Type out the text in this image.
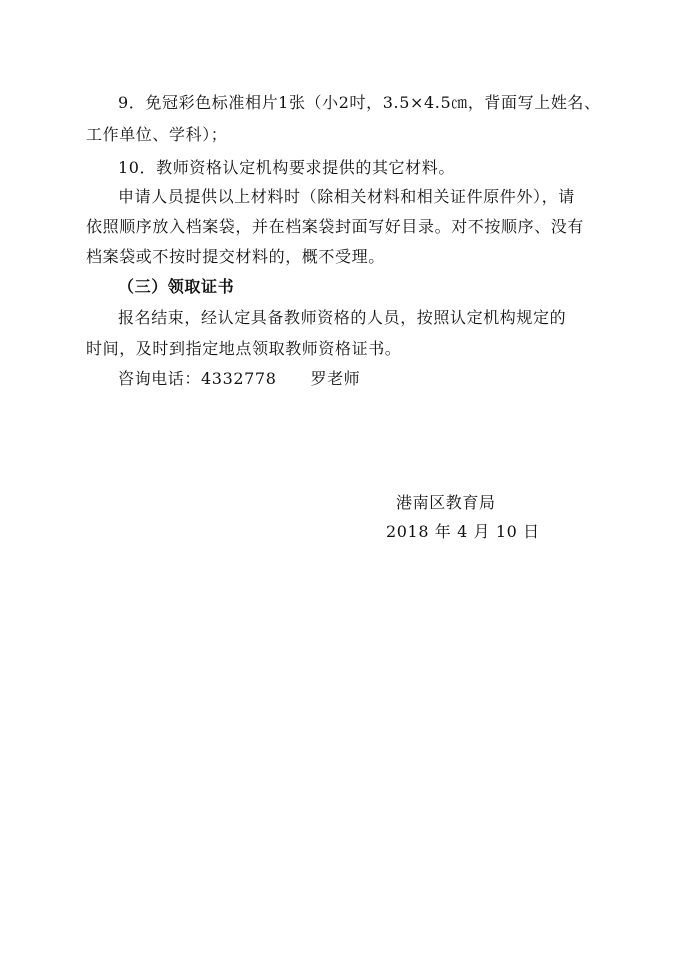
9．免冠彩色标准相片1张（小2吋，3.5×4.5㎝，背面写上姓名、
工作单位、学科）；
10．教师资格认定机构要求提供的其它材料。
申请人员提供以上材料时（除相关材料和相关证件原件外），请
依照顺序放入档案袋，并在档案袋封面写好目录。对不按顺序、没有
档案袋或不按时提交材料的，概不受理。
（三）领取证书
报名结束，经认定具备教师资格的人员，按照认定机构规定的
时间，及时到指定地点领取教师资格证书。
咨询电话：4332778 罗老师
港南区教育局
2018 年 4 月 10 日
